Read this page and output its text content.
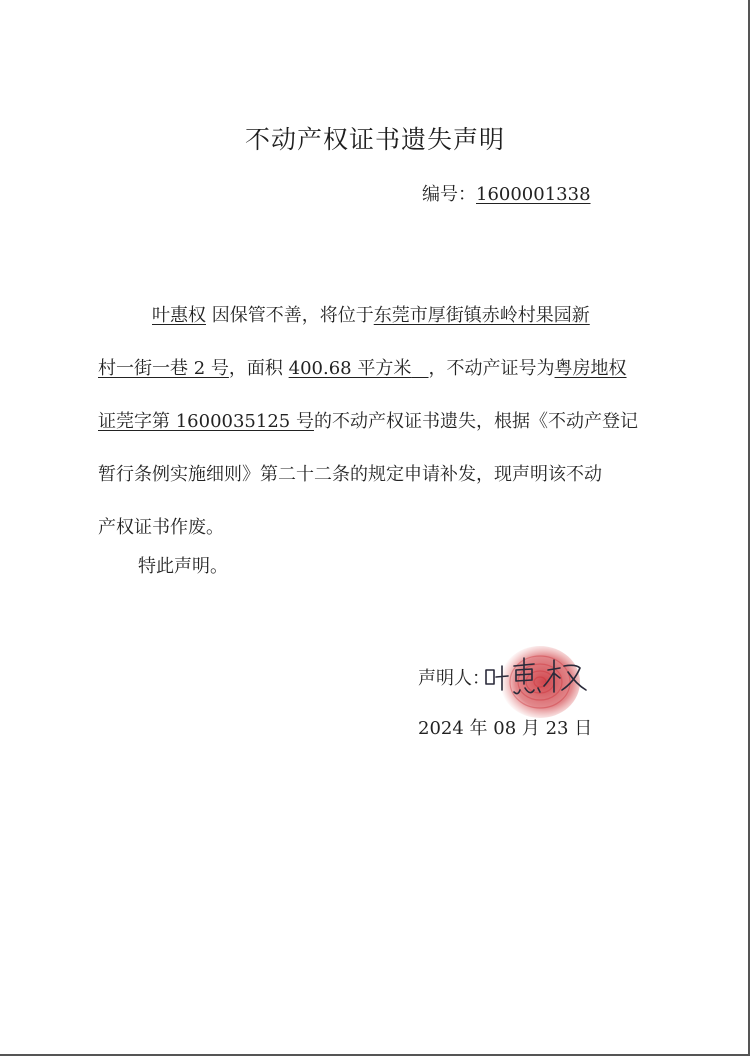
不动产权证书遗失声明
编号：1600001338
叶惠权 因保管不善，将位于东莞市厚街镇赤岭村果园新
村一街一巷 2 号，面积 400.68 平方米 ，不动产证号为粤房地权
证莞字第 1600035125 号的不动产权证书遗失，根据《不动产登记
暂行条例实施细则》第二十二条的规定申请补发，现声明该不动
产权证书作废。
特此声明。
声明人：
2024 年 08 月 23 日
